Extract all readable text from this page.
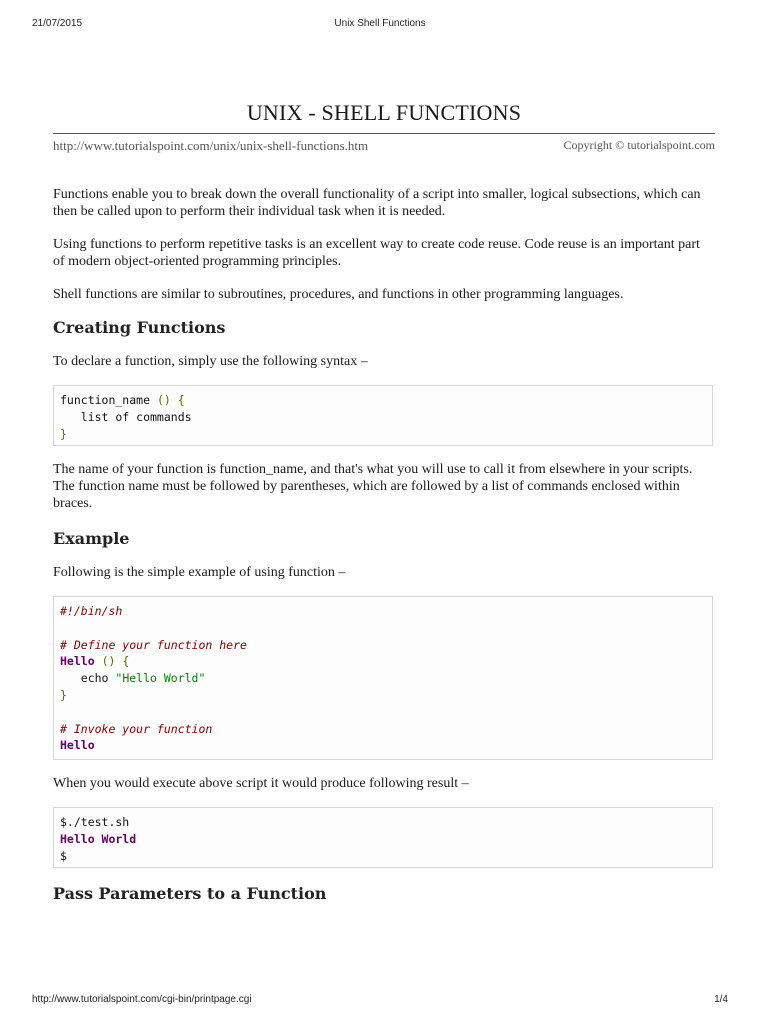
21/07/2015	Unix Shell Functions
UNIX - SHELL FUNCTIONS
http://www.tutorialspoint.com/unix/unix-shell-functions.htm	Copyright © tutorialspoint.com

Functions enable you to break down the overall functionality of a script into smaller, logical subsections, which can then be called upon to perform their individual task when it is needed.

Using functions to perform repetitive tasks is an excellent way to create code reuse. Code reuse is an important part of modern object-oriented programming principles.

Shell functions are similar to subroutines, procedures, and functions in other programming languages.

Creating Functions

To declare a function, simply use the following syntax –

function_name () {
list of commands
}

The name of your function is function_name, and that's what you will use to call it from elsewhere in your scripts. The function name must be followed by parentheses, which are followed by a list of commands enclosed within braces.

Example

Following is the simple example of using function –

#!/bin/sh

# Define your function here
Hello () {
echo "Hello World"
}

# Invoke your function
Hello

When you would execute above script it would produce following result –

$./test.sh
Hello World
$
Pass Parameters to a Function
http://www.tutorialspoint.com/cgi-bin/printpage.cgi	1/4
